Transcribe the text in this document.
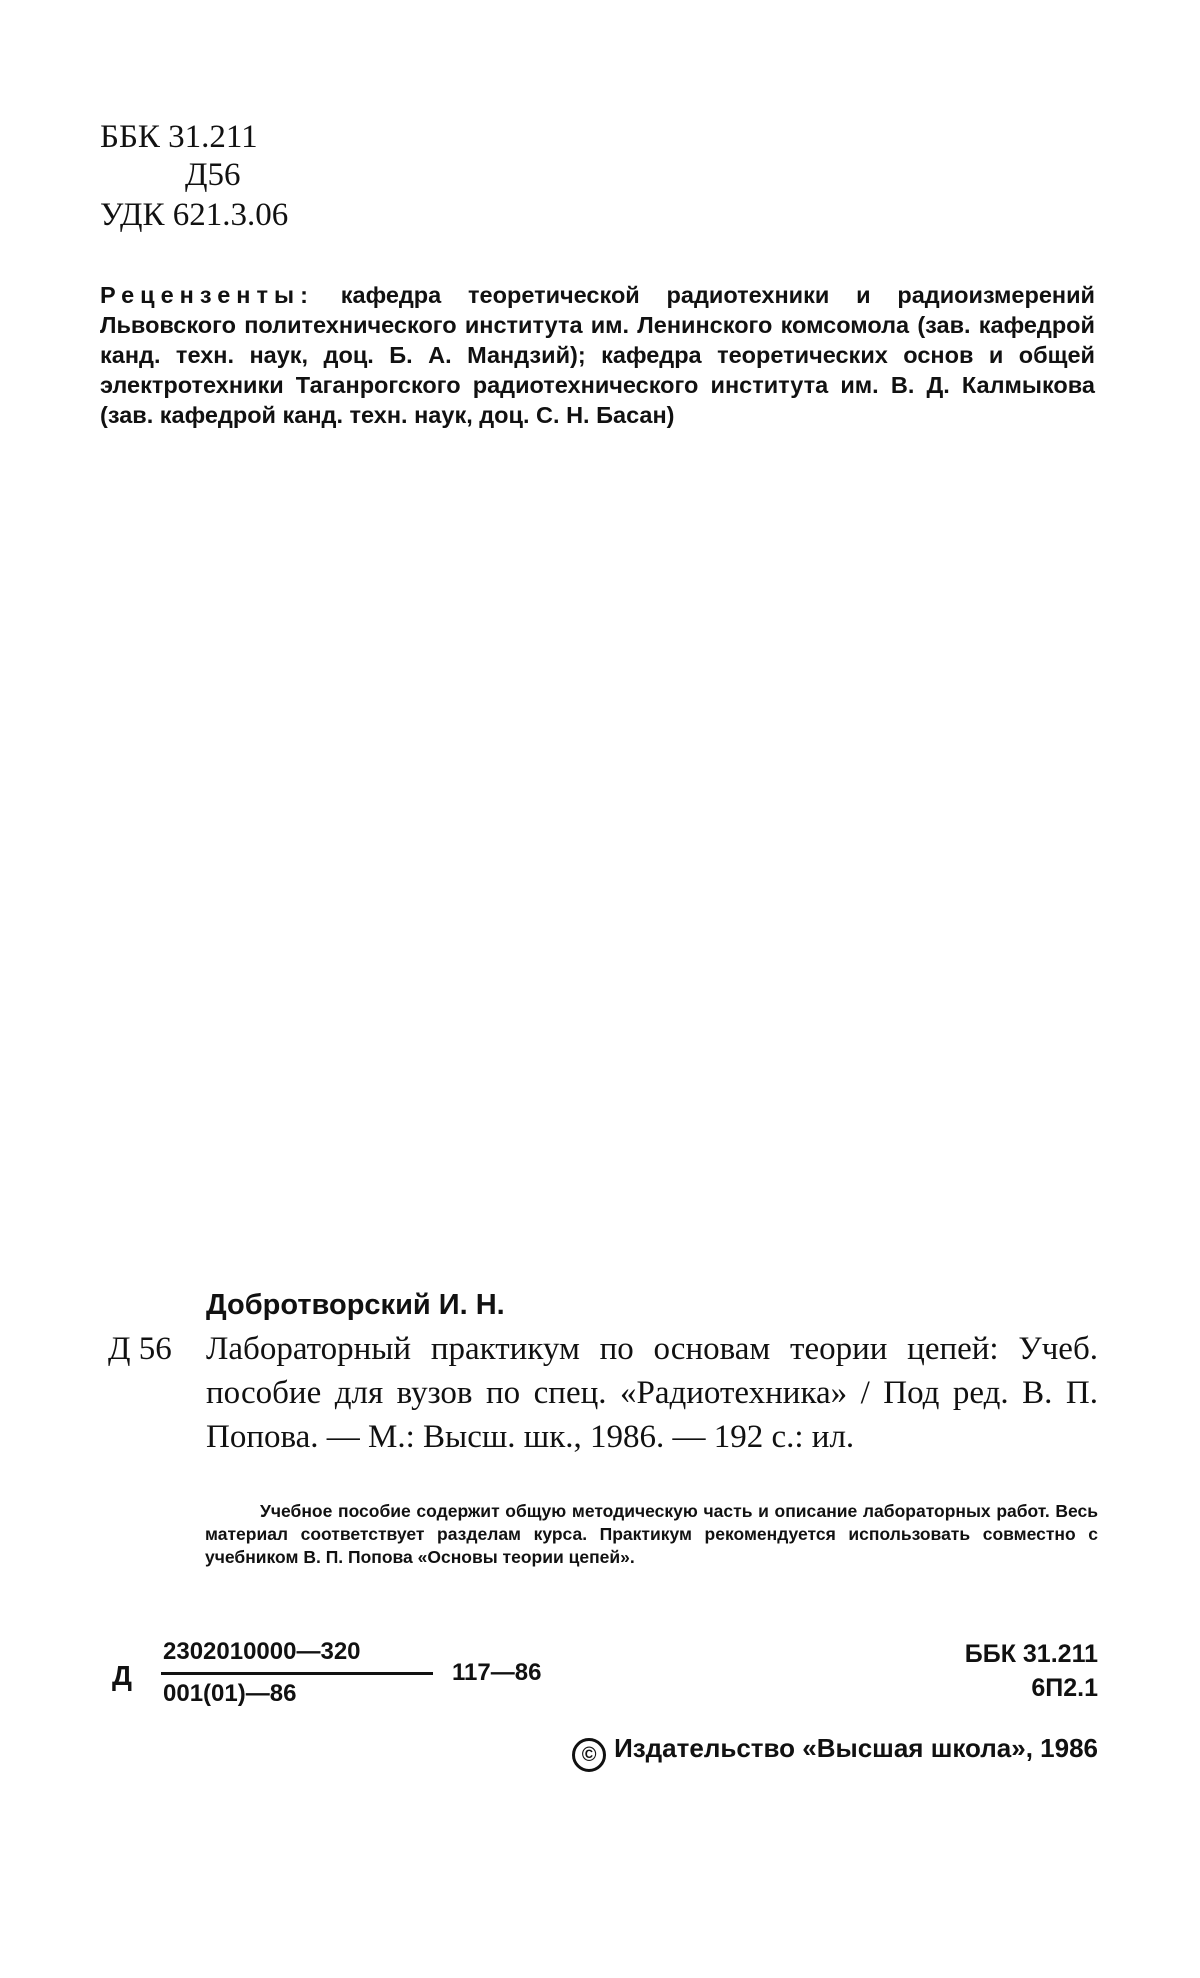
ББК 31.211
Д56
УДК 621.3.06
Рецензенты: кафедра теоретической радиотехники и радиоизмерений Львовского политехнического института им. Ленинского комсомола (зав. кафедрой канд. техн. наук, доц. Б. А. Мандзий); кафедра теоретических основ и общей электротехники Таганрогского радиотехнического института им. В. Д. Калмыкова (зав. кафедрой канд. техн. наук, доц. С. Н. Басан)
Добротворский И. Н.
Д 56 Лабораторный практикум по основам теории цепей: Учеб. пособие для вузов по спец. «Радиотехника» / Под ред. В. П. Попова. — М.: Высш. шк., 1986. — 192 с.: ил.
Учебное пособие содержит общую методическую часть и описание лабораторных работ. Весь материал соответствует разделам курса. Практикум рекомендуется использовать совместно с учебником В. П. Попова «Основы теории цепей».
Д
2302010000—320
001(01)—86
117—86
ББК 31.211
6П2.1
© Издательство «Высшая школа», 1986
